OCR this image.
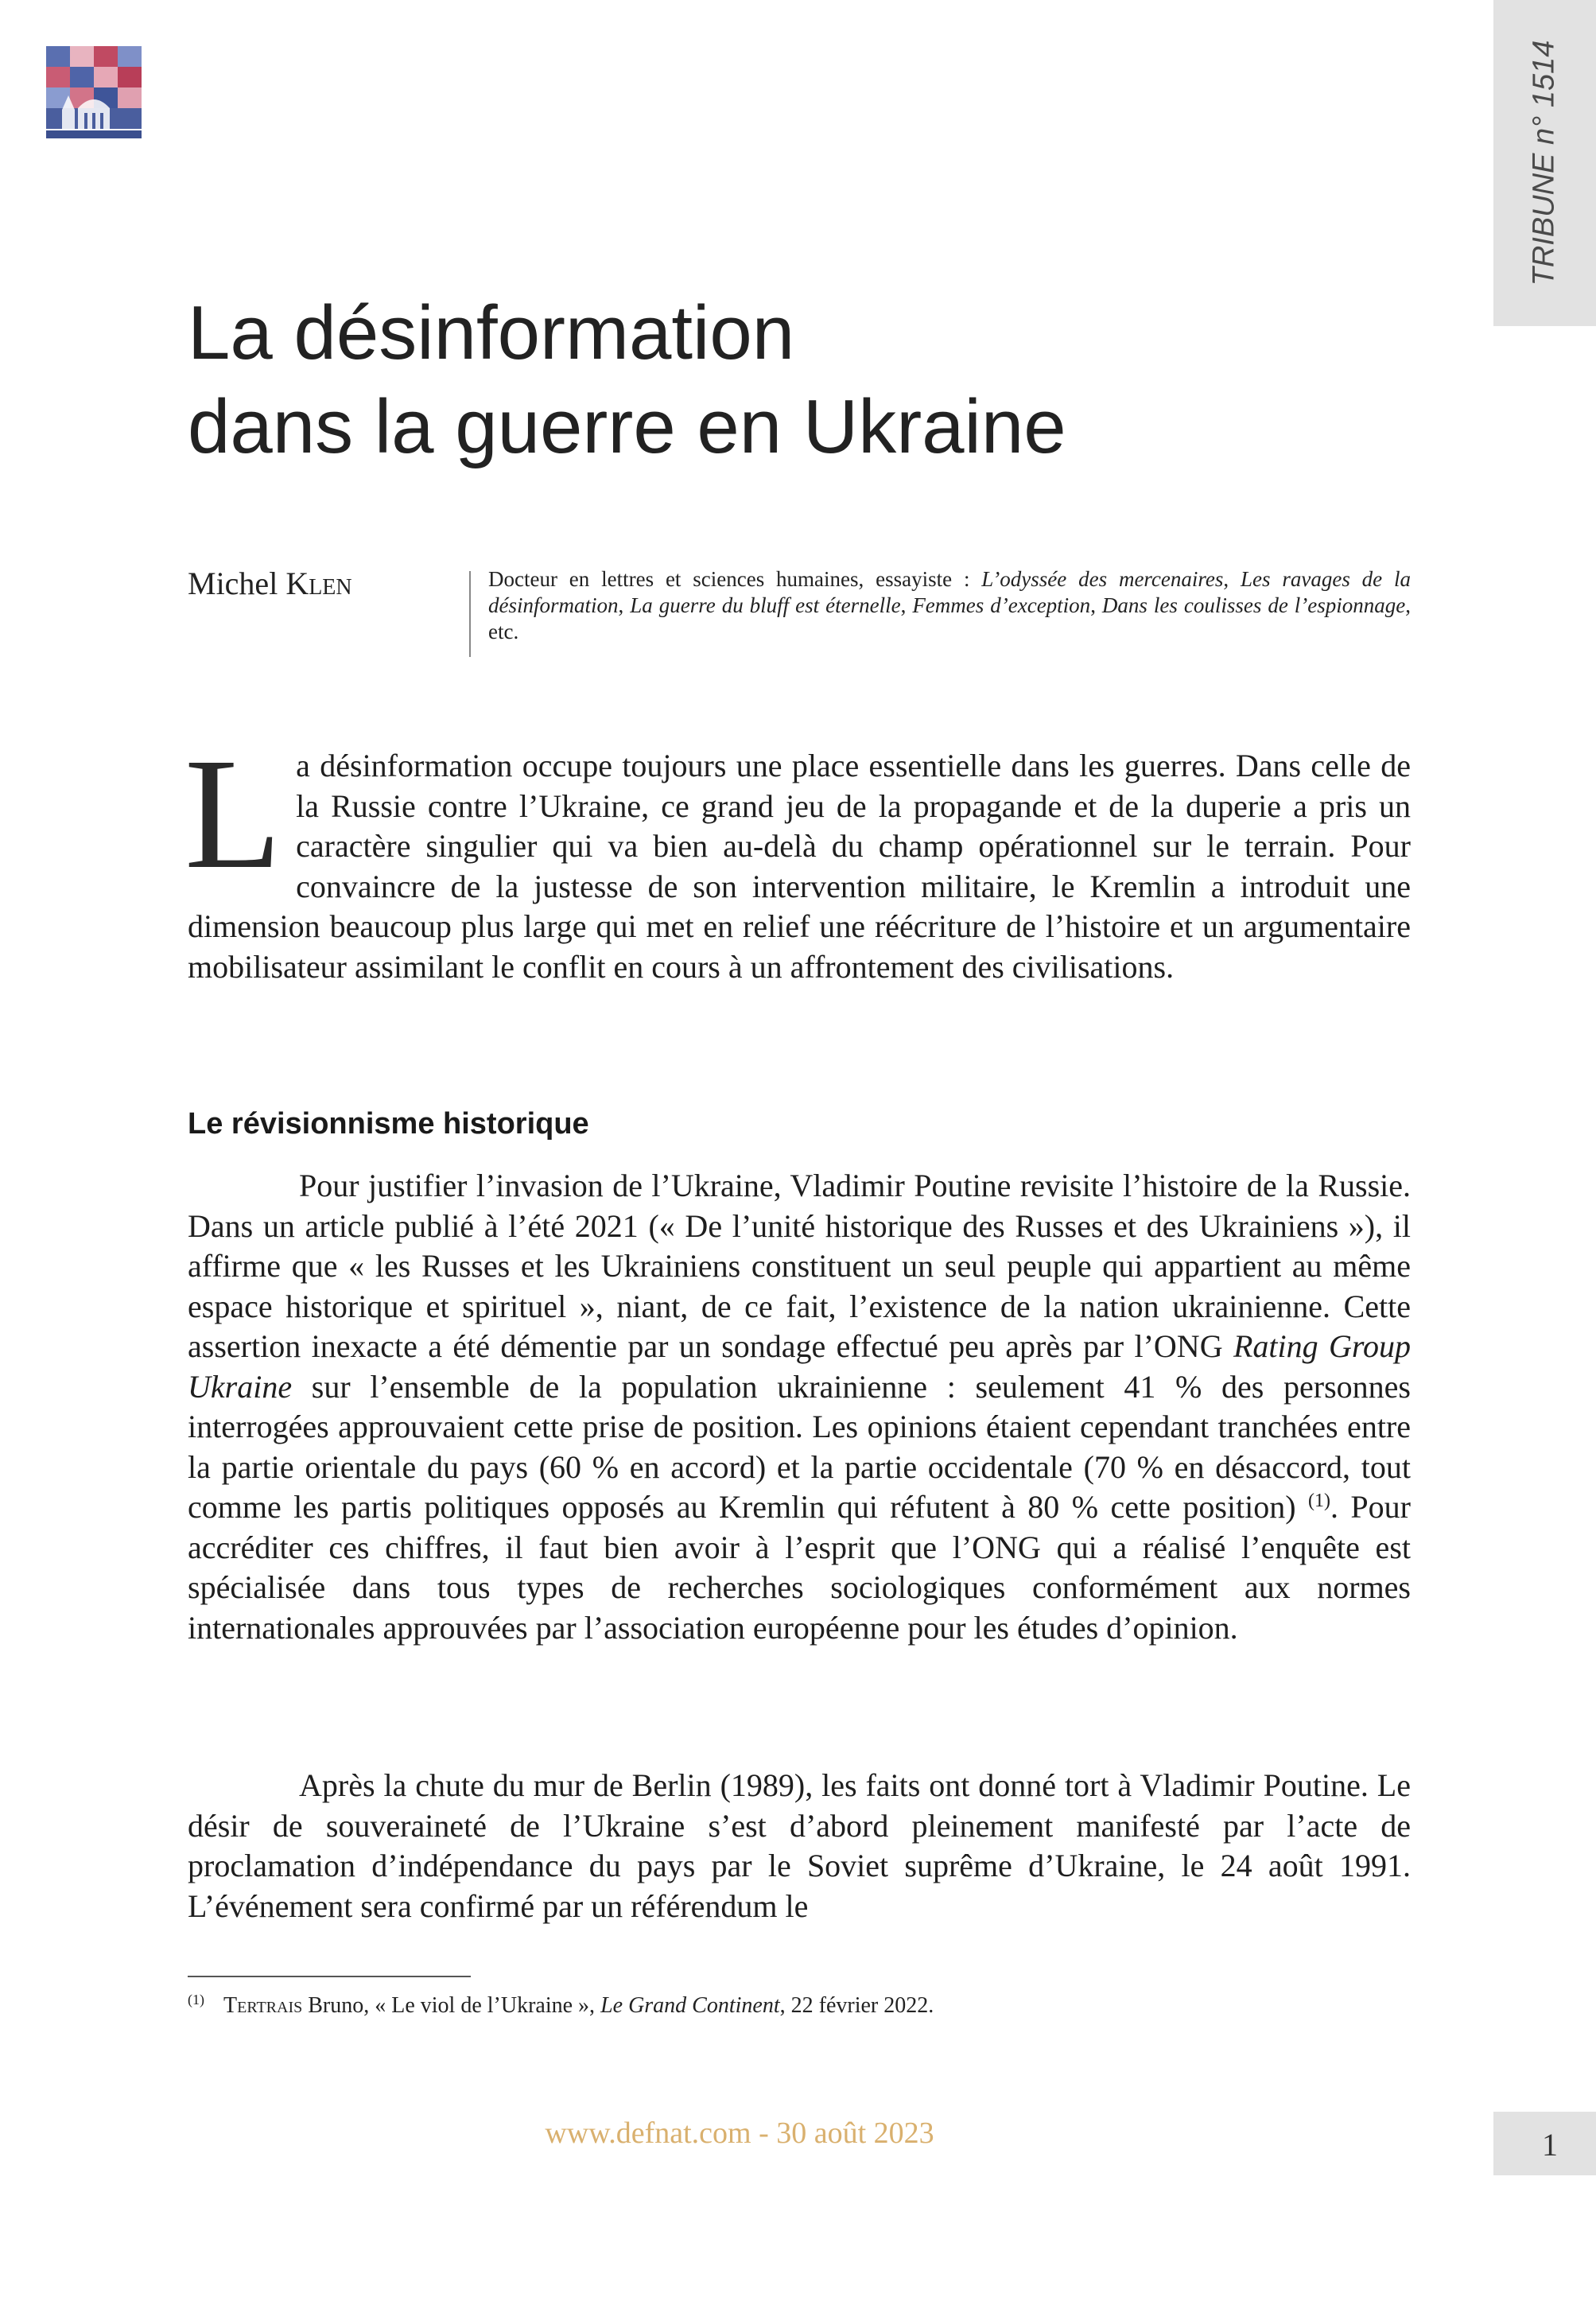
TRIBUNE n° 1514
La désinformation
dans la guerre en Ukraine
Michel Klen	Docteur en lettres et sciences humaines, essayiste : L’odyssée des mercenaires, Les ravages de la désinformation, La guerre du bluff est éternelle, Femmes d’exception, Dans les coulisses de l’espionnage, etc.
La désinformation occupe toujours une place essentielle dans les guerres. Dans celle de la Russie contre l’Ukraine, ce grand jeu de la propagande et de la duperie a pris un caractère singulier qui va bien au-delà du champ opérationnel sur le terrain. Pour convaincre de la justesse de son intervention militaire, le Kremlin a introduit une dimension beaucoup plus large qui met en relief une réécriture de l’histoire et un argumentaire mobilisateur assimilant le conflit en cours à un affrontement des civilisations.
Le révisionnisme historique
Pour justifier l’invasion de l’Ukraine, Vladimir Poutine revisite l’histoire de la Russie. Dans un article publié à l’été 2021 (« De l’unité historique des Russes et des Ukrainiens »), il affirme que « les Russes et les Ukrainiens constituent un seul peuple qui appartient au même espace historique et spirituel », niant, de ce fait, l’existence de la nation ukrainienne. Cette assertion inexacte a été démentie par un sondage effectué peu après par l’ONG Rating Group Ukraine sur l’ensemble de la population ukrainienne : seulement 41 % des personnes interrogées approuvaient cette prise de position. Les opinions étaient cependant tranchées entre la partie orientale du pays (60 % en accord) et la partie occidentale (70 % en désaccord, tout comme les partis politiques opposés au Kremlin qui réfutent à 80 % cette position) $^{(1)}$. Pour accréditer ces chiffres, il faut bien avoir à l’esprit que l’ONG qui a réalisé l’enquête est spécialisée dans tous types de recherches sociologiques conformément aux normes internationales approuvées par l’association européenne pour les études d’opinion.
Après la chute du mur de Berlin (1989), les faits ont donné tort à Vladimir Poutine. Le désir de souveraineté de l’Ukraine s’est d’abord pleinement manifesté par l’acte de proclamation d’indépendance du pays par le Soviet suprême d’Ukraine, le 24 août 1991. L’événement sera confirmé par un référendum le
$^{(1)}$ Tertrais Bruno, « Le viol de l’Ukraine », Le Grand Continent, 22 février 2022.
www.defnat.com - 30 août 2023	1
